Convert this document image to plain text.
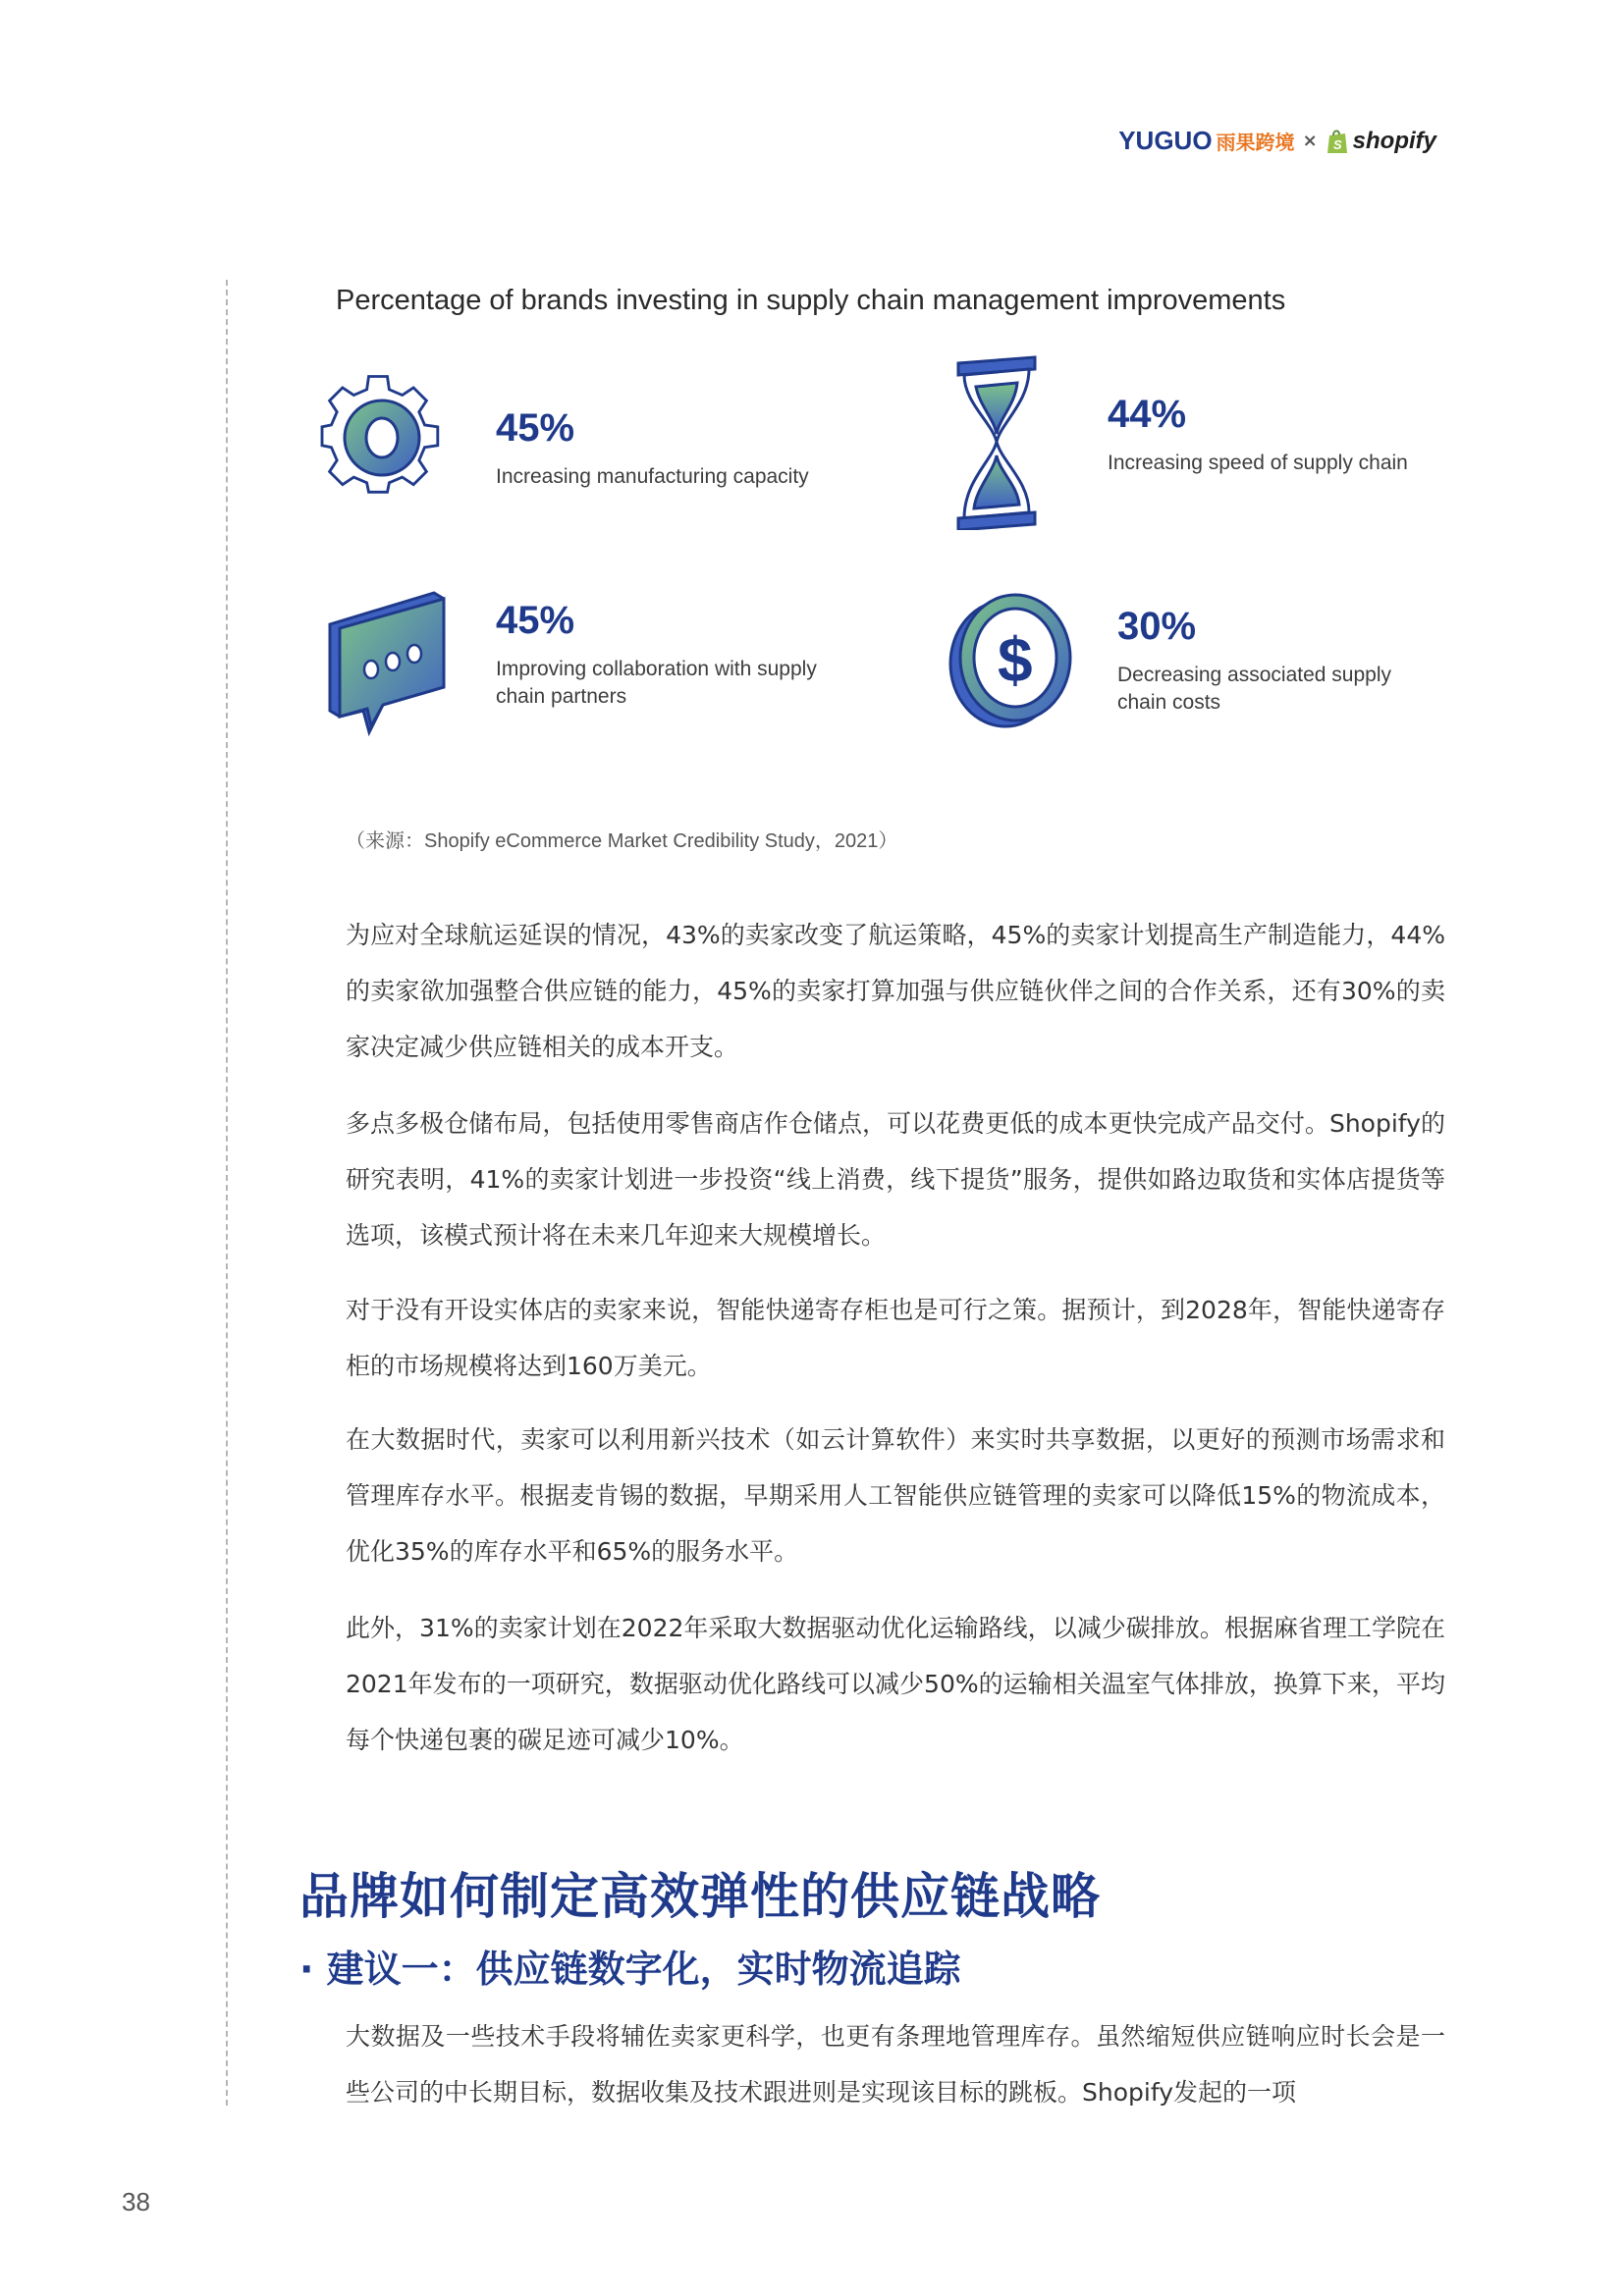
YUGUO 雨果跨境 × S shopify
Percentage of brands investing in supply chain management improvements
45%
Increasing manufacturing capacity
44%
Increasing speed of supply chain
45%
Improving collaboration with supply chain partners
$ 30%
Decreasing associated supply chain costs
（来源：Shopify eCommerce Market Credibility Study，2021）
为应对全球航运延误的情况，43%的卖家改变了航运策略，45%的卖家计划提高生产制造能力，44%的卖家欲加强整合供应链的能力，45%的卖家打算加强与供应链伙伴之间的合作关系，还有30%的卖家决定减少供应链相关的成本开支。
多点多极仓储布局，包括使用零售商店作仓储点，可以花费更低的成本更快完成产品交付。Shopify的研究表明，41%的卖家计划进一步投资“线上消费，线下提货”服务，提供如路边取货和实体店提货等选项，该模式预计将在未来几年迎来大规模增长。
对于没有开设实体店的卖家来说，智能快递寄存柜也是可行之策。据预计，到2028年，智能快递寄存柜的市场规模将达到160万美元。
在大数据时代，卖家可以利用新兴技术（如云计算软件）来实时共享数据，以更好的预测市场需求和管理库存水平。根据麦肯锡的数据，早期采用人工智能供应链管理的卖家可以降低15%的物流成本，优化35%的库存水平和65%的服务水平。
此外，31%的卖家计划在2022年采取大数据驱动优化运输路线，以减少碳排放。根据麻省理工学院在2021年发布的一项研究，数据驱动优化路线可以减少50%的运输相关温室气体排放，换算下来，平均每个快递包裹的碳足迹可减少10%。
品牌如何制定高效弹性的供应链战略
· 建议一：供应链数字化，实时物流追踪
大数据及一些技术手段将辅佐卖家更科学，也更有条理地管理库存。虽然缩短供应链响应时长会是一些公司的中长期目标，数据收集及技术跟进则是实现该目标的跳板。Shopify发起的一项
38
